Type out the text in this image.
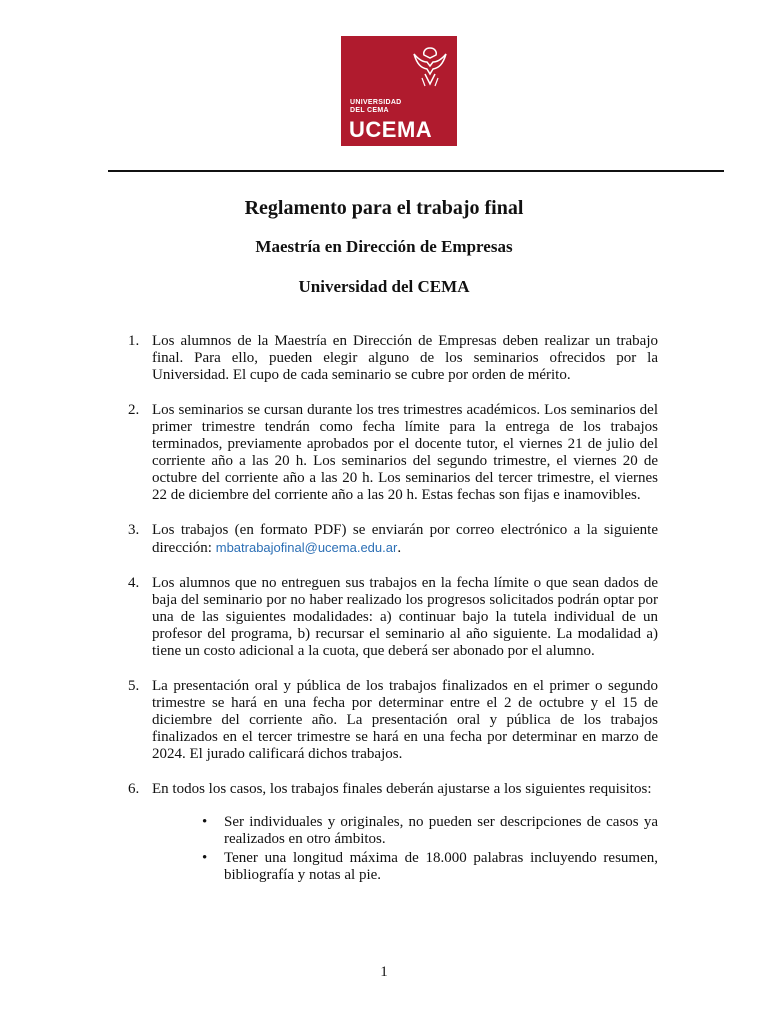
UNIVERSIDAD
DEL CEMA
UCEMA
Reglamento para el trabajo final
Maestría en Dirección de Empresas
Universidad del CEMA
1. Los alumnos de la Maestría en Dirección de Empresas deben realizar un trabajo final. Para ello, pueden elegir alguno de los seminarios ofrecidos por la Universidad. El cupo de cada seminario se cubre por orden de mérito.
2. Los seminarios se cursan durante los tres trimestres académicos. Los seminarios del primer trimestre tendrán como fecha límite para la entrega de los trabajos terminados, previamente aprobados por el docente tutor, el viernes 21 de julio del corriente año a las 20 h. Los seminarios del segundo trimestre, el viernes 20 de octubre del corriente año a las 20 h. Los seminarios del tercer trimestre, el viernes 22 de diciembre del corriente año a las 20 h. Estas fechas son fijas e inamovibles.
3. Los trabajos (en formato PDF) se enviarán por correo electrónico a la siguiente dirección: mbatrabajofinal@ucema.edu.ar.
4. Los alumnos que no entreguen sus trabajos en la fecha límite o que sean dados de baja del seminario por no haber realizado los progresos solicitados podrán optar por una de las siguientes modalidades: a) continuar bajo la tutela individual de un profesor del programa, b) recursar el seminario al año siguiente. La modalidad a) tiene un costo adicional a la cuota, que deberá ser abonado por el alumno.
5. La presentación oral y pública de los trabajos finalizados en el primer o segundo trimestre se hará en una fecha por determinar entre el 2 de octubre y el 15 de diciembre del corriente año. La presentación oral y pública de los trabajos finalizados en el tercer trimestre se hará en una fecha por determinar en marzo de 2024. El jurado calificará dichos trabajos.
6. En todos los casos, los trabajos finales deberán ajustarse a los siguientes requisitos:
• Ser individuales y originales, no pueden ser descripciones de casos ya realizados en otro ámbitos.
• Tener una longitud máxima de 18.000 palabras incluyendo resumen, bibliografía y notas al pie.
1
